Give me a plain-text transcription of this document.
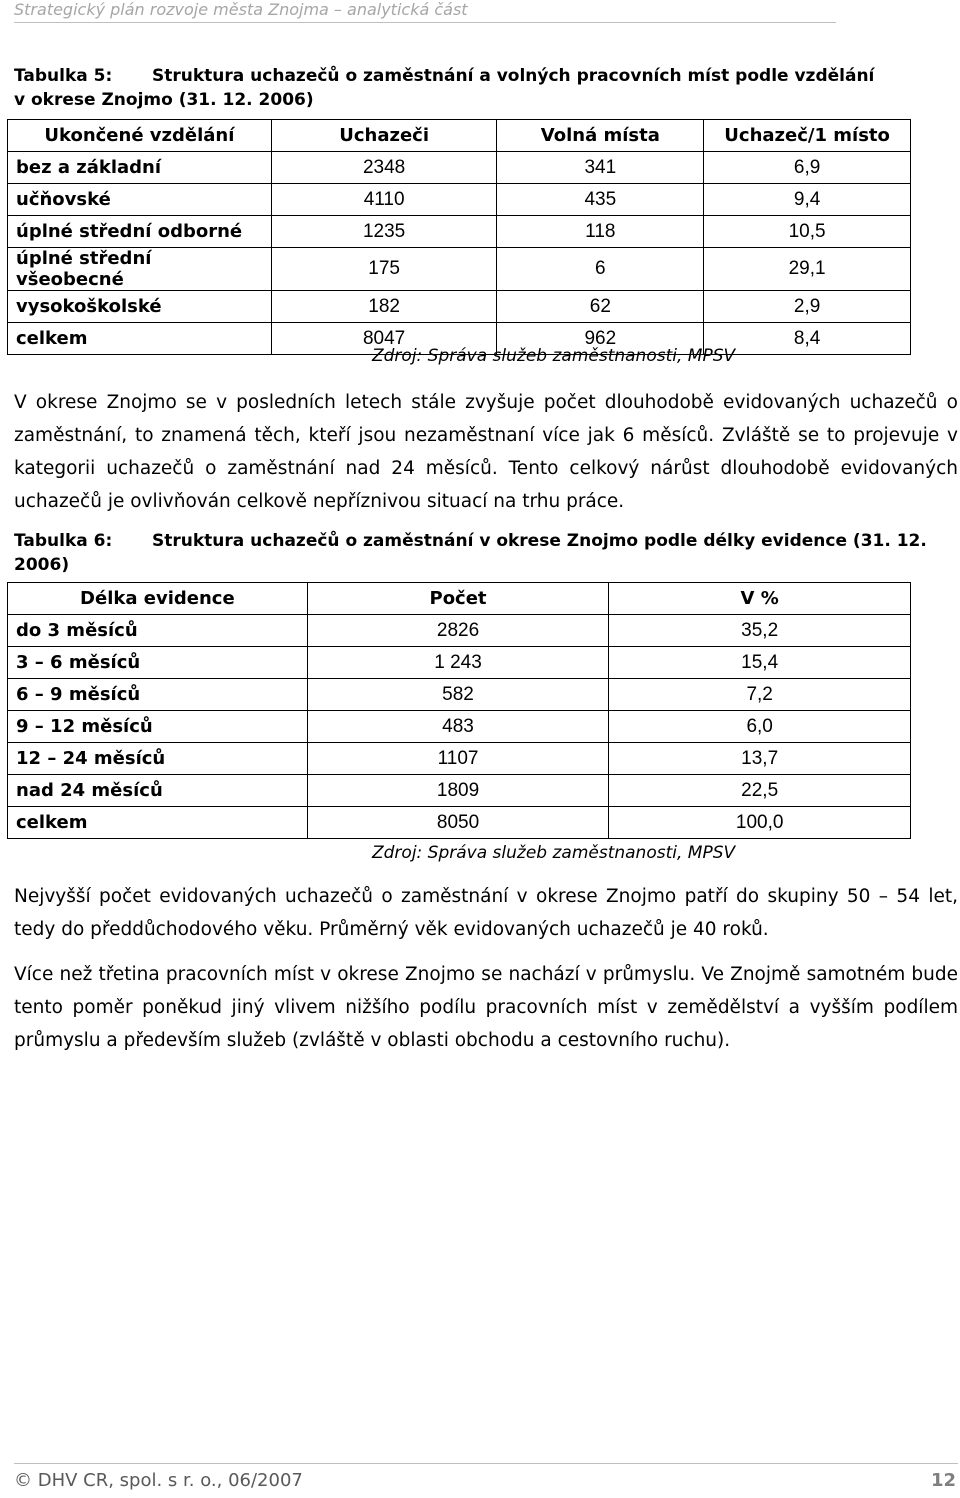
Strategický plán rozvoje města Znojma – analytická část
Tabulka 5: Struktura uchazečů o zaměstnání a volných pracovních míst podle vzdělání
v okrese Znojmo (31. 12. 2006)
Ukončené vzdělání	Uchazeči	Volná místa	Uchazeč/1 místo
bez a základní	2348	341	6,9
učňovské	4110	435	9,4
úplné střední odborné	1235	118	10,5
úplné střední všeobecné	175	6	29,1
vysokoškolské	182	62	2,9
celkem	8047	962	8,4
Zdroj: Správa služeb zaměstnanosti, MPSV
V okrese Znojmo se v posledních letech stále zvyšuje počet dlouhodobě evidovaných uchazečů o zaměstnání, to znamená těch, kteří jsou nezaměstnaní více jak 6 měsíců. Zvláště se to projevuje v kategorii uchazečů o zaměstnání nad 24 měsíců. Tento celkový nárůst dlouhodobě evidovaných uchazečů je ovlivňován celkově nepříznivou situací na trhu práce.
Tabulka 6: Struktura uchazečů o zaměstnání v okrese Znojmo podle délky evidence (31. 12.
2006)
Délka evidence	Počet	V %
do 3 měsíců	2826	35,2
3 – 6 měsíců	1 243	15,4
6 – 9 měsíců	582	7,2
9 – 12 měsíců	483	6,0
12 – 24 měsíců	1107	13,7
nad 24 měsíců	1809	22,5
celkem	8050	100,0
Zdroj: Správa služeb zaměstnanosti, MPSV
Nejvyšší počet evidovaných uchazečů o zaměstnání v okrese Znojmo patří do skupiny 50 – 54 let, tedy do předdůchodového věku. Průměrný věk evidovaných uchazečů je 40 roků.
Více než třetina pracovních míst v okrese Znojmo se nachází v průmyslu. Ve Znojmě samotném bude tento poměr poněkud jiný vlivem nižšího podílu pracovních míst v zemědělství a vyšším podílem průmyslu a především služeb (zvláště v oblasti obchodu a cestovního ruchu).
© DHV CR, spol. s r. o., 06/2007	12
